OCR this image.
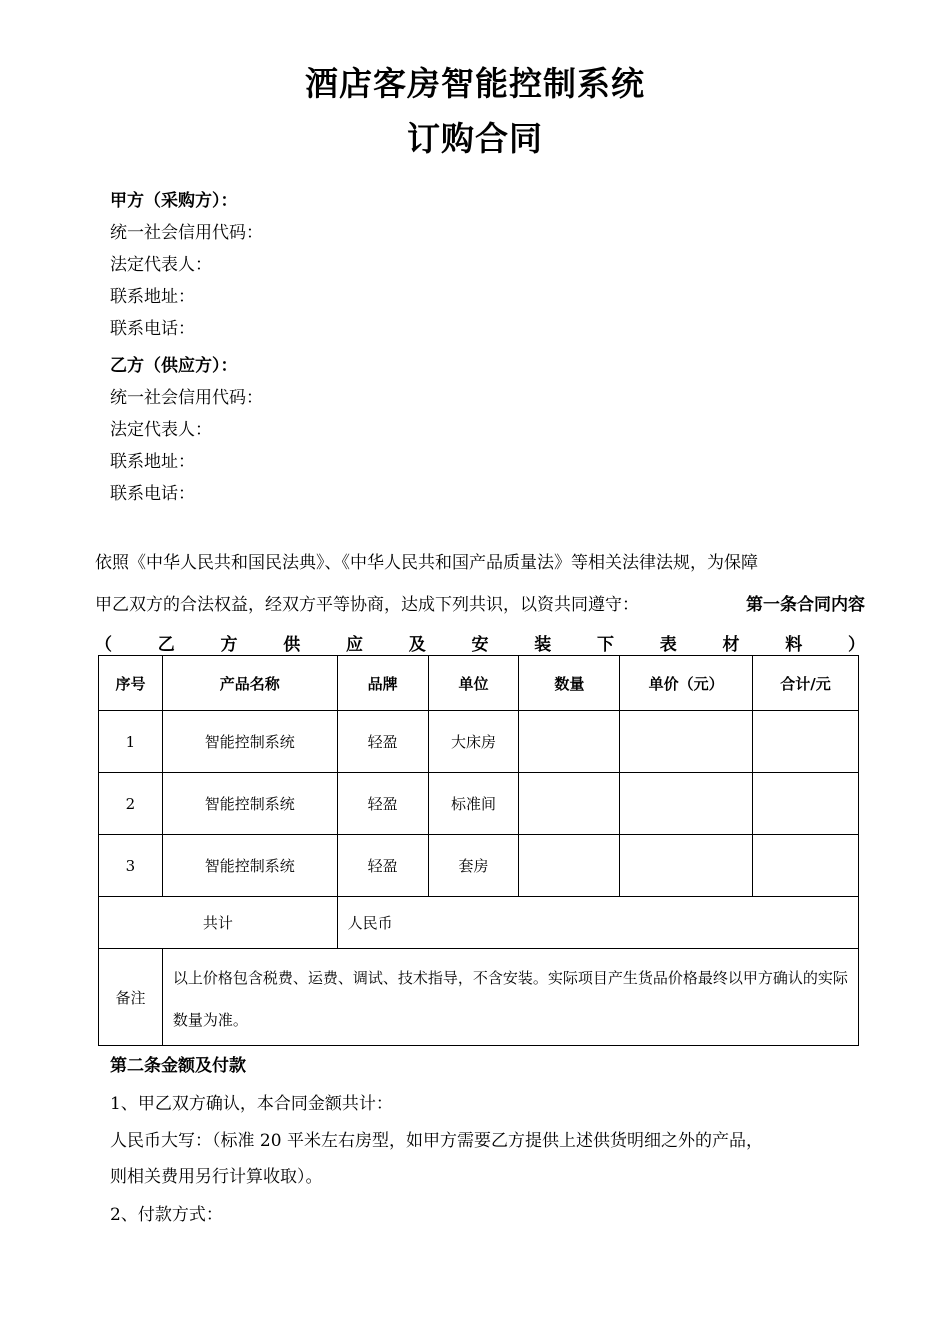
酒店客房智能控制系统
订购合同
甲方（采购方）：
统一社会信用代码：
法定代表人：
联系地址：
联系电话：
乙方（供应方）：
统一社会信用代码：
法定代表人：
联系地址：
联系电话：
依照《中华人民共和国民法典》、《中华人民共和国产品质量法》等相关法律法规，为保障
甲乙双方的合法权益，经双方平等协商，达成下列共识，以资共同遵守：	第一条合同内容
（	乙	方	供	应	及	安	装	下	表	材	料	）
序号	产品名称	品牌	单位	数量	单价（元）	合计/元
1	智能控制系统	轻盈	大床房			
2	智能控制系统	轻盈	标准间			
3	智能控制系统	轻盈	套房			
共计		人民币				
备注	以上价格包含税费、运费、调试、技术指导，不含安装。实际项目产生货品价格最终以甲方确认的实际数量为准。					
第二条金额及付款
1、甲乙双方确认，本合同金额共计：
人民币大写：（标准 20 平米左右房型，如甲方需要乙方提供上述供货明细之外的产品，
则相关费用另行计算收取）。
2、付款方式：
